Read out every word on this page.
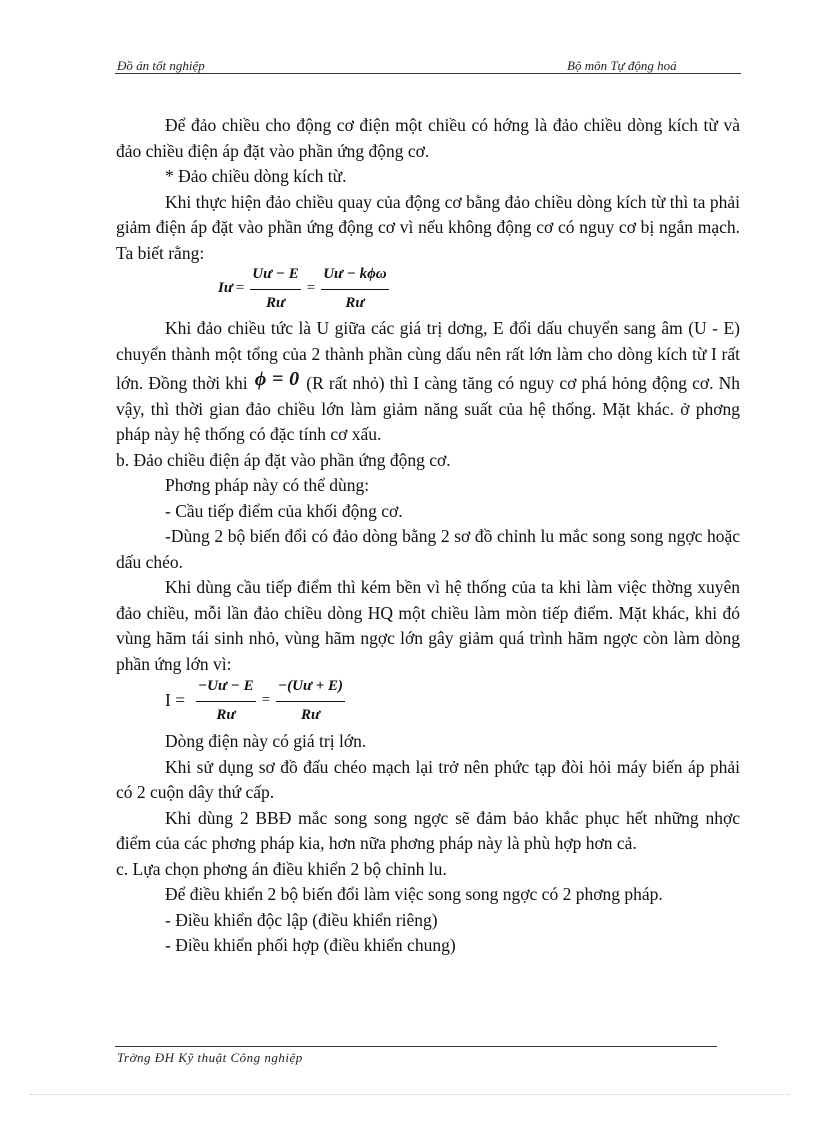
Đồ án tốt nghiệp	Bộ môn Tự động hoá

Để đảo chiều cho động cơ điện một chiều có hớng là đảo chiều dòng kích từ và đảo chiều điện áp đặt vào phần ứng động cơ.

* Đảo chiều dòng kích từ.

Khi thực hiện đảo chiều quay của động cơ bằng đảo chiều dòng kích từ thì ta phải giảm điện áp đặt vào phần ứng động cơ vì nếu không động cơ có nguy cơ bị ngắn mạch. Ta biết rằng:

Iư = $\frac{Uư - E}{Rư} = \frac{\text{Uư − kϕω}}{Rư}$

Khi đảo chiều tức là U giữa các giá trị dơng, E đổi dấu chuyển sang âm (U - E) chuyển thành một tổng của 2 thành phần cùng dấu nên rất lớn làm cho dòng kích từ I rất lớn. Đồng thời khi ϕ = 0 (R rất nhỏ) thì I càng tăng có nguy cơ phá hỏng động cơ. Nh vậy, thì thời gian đảo chiều lớn làm giảm năng suất của hệ thống. Mặt khác. ở phơng pháp này hệ thống có đặc tính cơ xấu.

b. Đảo chiều điện áp đặt vào phần ứng động cơ.

Phơng pháp này có thể dùng:

- Cầu tiếp điểm của khối động cơ.

-Dùng 2 bộ biến đổi có đảo dòng bằng 2 sơ đồ chỉnh lu mắc song song ngợc hoặc dấu chéo.

Khi dùng cầu tiếp điểm thì kém bền vì hệ thống của ta khi làm việc thờng xuyên đảo chiều, mỗi lần đảo chiều dòng HQ một chiều làm mòn tiếp điểm. Mặt khác, khi đó vùng hãm tái sinh nhỏ, vùng hãm ngợc lớn gây giảm quá trình hãm ngợc còn làm dòng phần ứng lớn vì:

$I = \frac{-Uư - E}{Rư} = \frac{-(Uư + E)}{Rư}$

Dòng điện này có giá trị lớn.

Khi sử dụng sơ đồ đấu chéo mạch lại trở nên phức tạp đòi hỏi máy biến áp phải có 2 cuộn dây thứ cấp.

Khi dùng 2 BBĐ mắc song song ngợc sẽ đảm bảo khắc phục hết những nhợc điểm của các phơng pháp kia, hơn nữa phơng pháp này là phù hợp hơn cả.

c. Lựa chọn phơng án điều khiển 2 bộ chỉnh lu.

Để điều khiển 2 bộ biến đổi làm việc song song ngợc có 2 phơng pháp.

- Điều khiển độc lập (điều khiển riêng)

- Điều khiển phối hợp (điều khiển chung)

Trờng ĐH Kỹ thuật Công nghiệp
